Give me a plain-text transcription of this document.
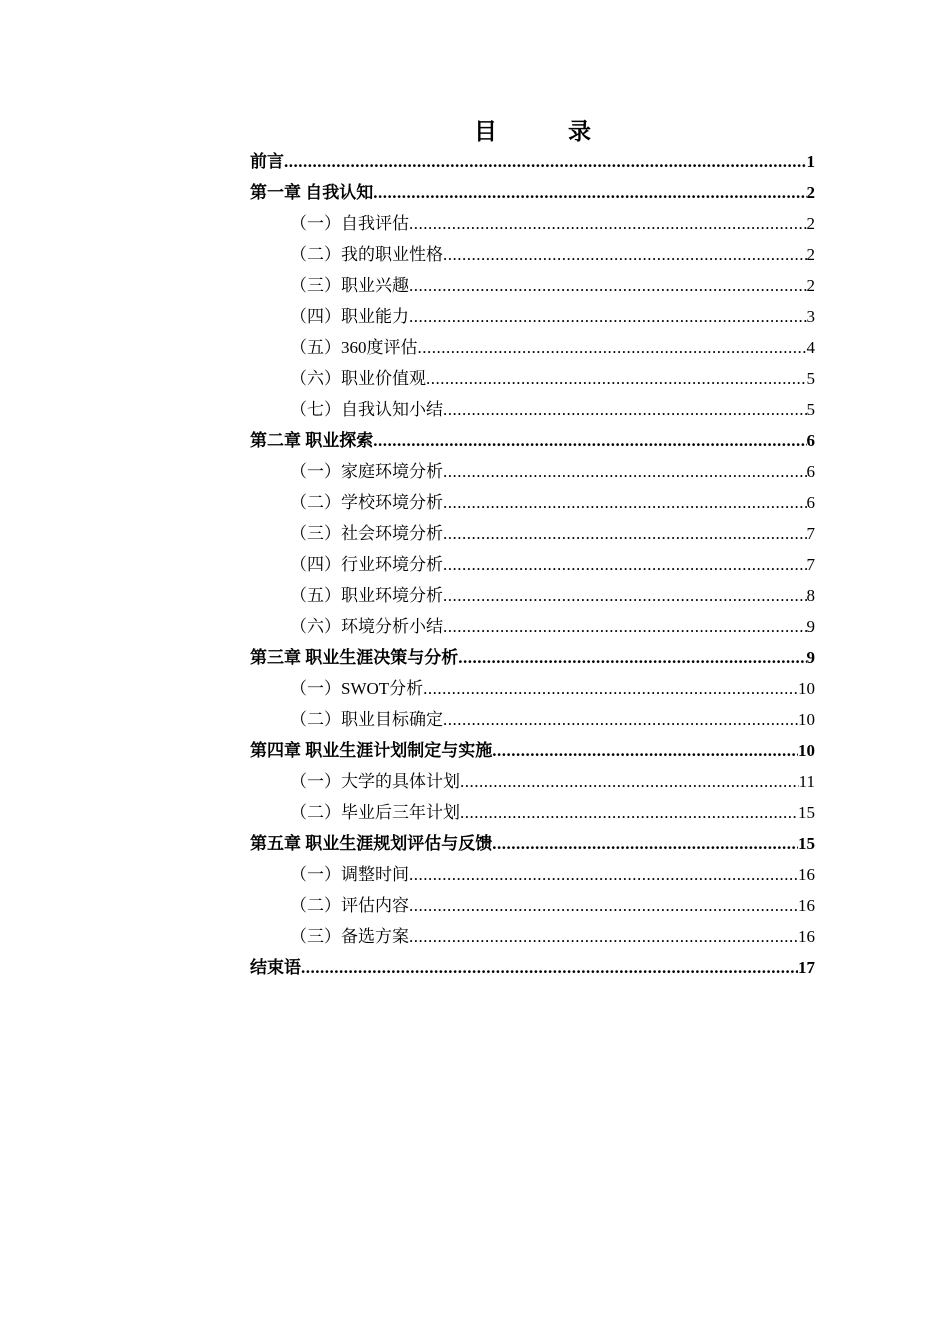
目　录
前言 .....	1
第一章 自我认知 .....	2
（一）自我评估 .....	2
（二）我的职业性格 .....	2
（三）职业兴趣 .....	2
（四）职业能力 .....	3
（五）360度评估 .....	4
（六）职业价值观 .....	5
（七）自我认知小结 .....	5
第二章 职业探索 .....	6
（一）家庭环境分析 .....	6
（二）学校环境分析 .....	6
（三）社会环境分析 .....	7
（四）行业环境分析 .....	7
（五）职业环境分析 .....	8
（六）环境分析小结 .....	9
第三章 职业生涯决策与分析 .....	9
（一）SWOT分析 .....	10
（二）职业目标确定 .....	10
第四章 职业生涯计划制定与实施 .....	10
（一）大学的具体计划 .....	11
（二）毕业后三年计划 .....	15
第五章 职业生涯规划评估与反馈 .....	15
（一）调整时间 .....	16
（二）评估内容 .....	16
（三）备选方案 .....	16
结束语 .....	17
